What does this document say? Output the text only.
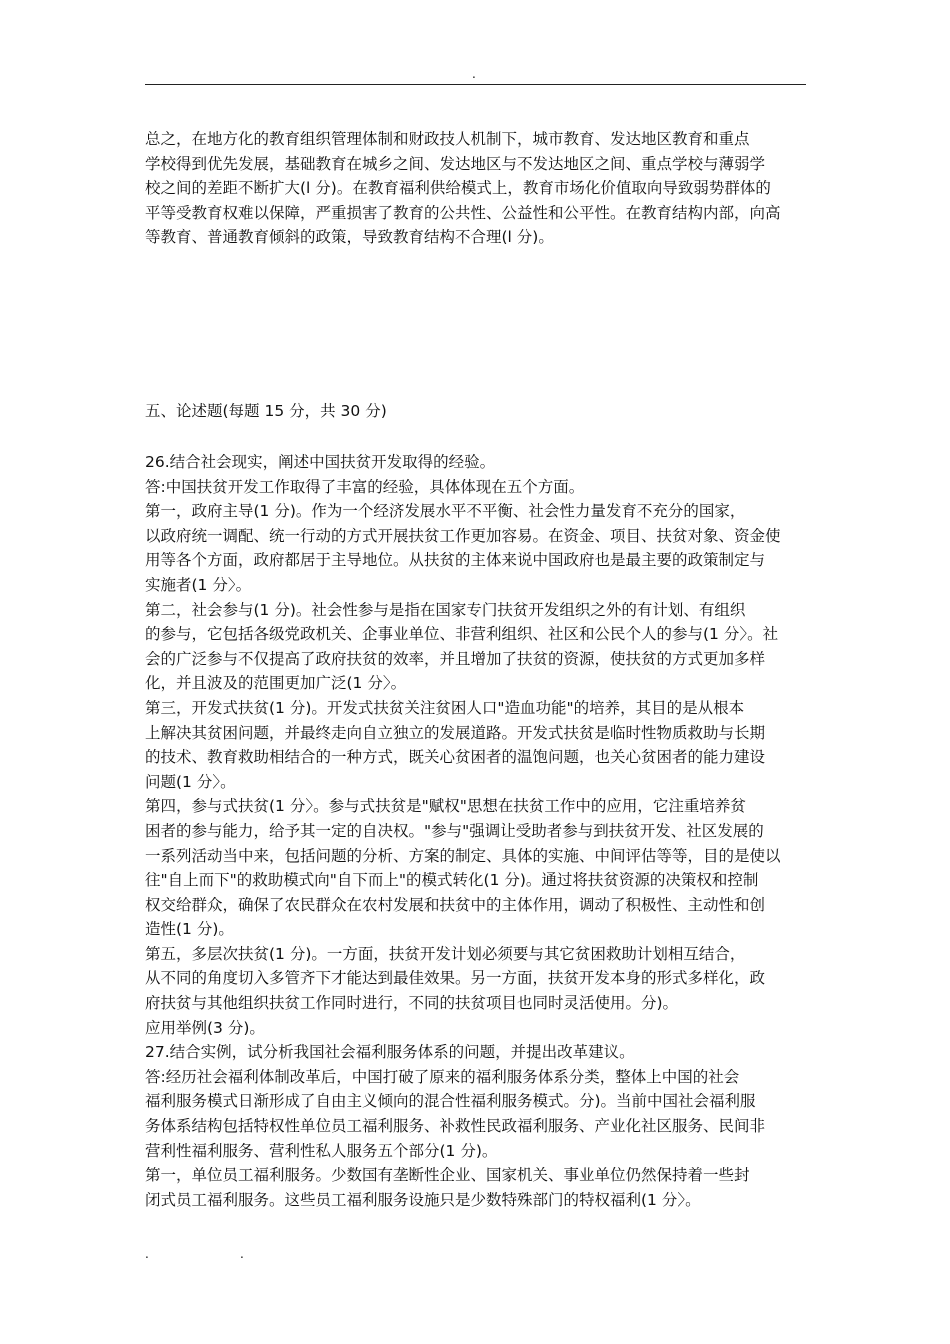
.

总之，在地方化的教育组织管理体制和财政技人机制下，城市教育、发达地区教育和重点

学校得到优先发展，基础教育在城乡之间、发达地区与不发达地区之间、重点学校与薄弱学

校之间的差距不断扩大(l 分)。在教育福利供给模式上，教育市场化价值取向导致弱势群体的

平等受教育权难以保障，严重损害了教育的公共性、公益性和公平性。在教育结构内部，向高

等教育、普通教育倾斜的政策，导致教育结构不合理(l 分)。

五、论述题(每题 15 分，共 30 分)

26.结合社会现实，阐述中国扶贫开发取得的经验。

答:中国扶贫开发工作取得了丰富的经验，具体体现在五个方面。

第一，政府主导(1 分)。作为一个经济发展水平不平衡、社会性力量发育不充分的国家，

以政府统一调配、统一行动的方式开展扶贫工作更加容易。在资金、项目、扶贫对象、资金使

用等各个方面，政府都居于主导地位。从扶贫的主体来说中国政府也是最主要的政策制定与

实施者(1 分〉。

第二，社会参与(1 分)。社会性参与是指在国家专门扶贫开发组织之外的有计划、有组织

的参与，它包括各级党政机关、企事业单位、非营利组织、社区和公民个人的参与(1 分〉。社

会的广泛参与不仅提高了政府扶贫的效率，并且增加了扶贫的资源，使扶贫的方式更加多样

化，并且波及的范围更加广泛(1 分〉。

第三，开发式扶贫(1 分)。开发式扶贫关注贫困人口"造血功能"的培养，其目的是从根本

上解决其贫困问题，并最终走向自立独立的发展道路。开发式扶贫是临时性物质救助与长期

的技术、教育救助相结合的一种方式，既关心贫困者的温饱问题，也关心贫困者的能力建设

问题(1 分〉。

第四，参与式扶贫(1 分〉。参与式扶贫是"赋权"思想在扶贫工作中的应用，它注重培养贫

困者的参与能力，给予其一定的自决权。"参与"强调让受助者参与到扶贫开发、社区发展的

一系列活动当中来，包括问题的分析、方案的制定、具体的实施、中间评估等等，目的是使以

往"自上而下"的救助模式向"自下而上"的模式转化(1 分)。通过将扶贫资源的决策权和控制

权交给群众，确保了农民群众在农村发展和扶贫中的主体作用，调动了积极性、主动性和创

造性(1 分)。

第五，多层次扶贫(1 分)。一方面，扶贫开发计划必须要与其它贫困救助计划相互结合，

从不同的角度切入多管齐下才能达到最佳效果。另一方面，扶贫开发本身的形式多样化，政

府扶贫与其他组织扶贫工作同时进行，不同的扶贫项目也同时灵活使用。分)。

应用举例(3 分)。

27.结合实例，试分析我国社会福利服务体系的问题，并提出改革建议。

答:经历社会福利体制改革后，中国打破了原来的福利服务体系分类，整体上中国的社会

福利服务模式日渐形成了自由主义倾向的混合性福利服务模式。分)。当前中国社会福利服

务体系结构包括特权性单位员工福利服务、补救性民政福利服务、产业化社区服务、民间非

营利性福利服务、营利性私人服务五个部分(1 分)。

第一，单位员工福利服务。少数国有垄断性企业、国家机关、事业单位仍然保持着一些封

闭式员工福利服务。这些员工福利服务设施只是少数特殊部门的特权福利(1 分〉。

.	.
